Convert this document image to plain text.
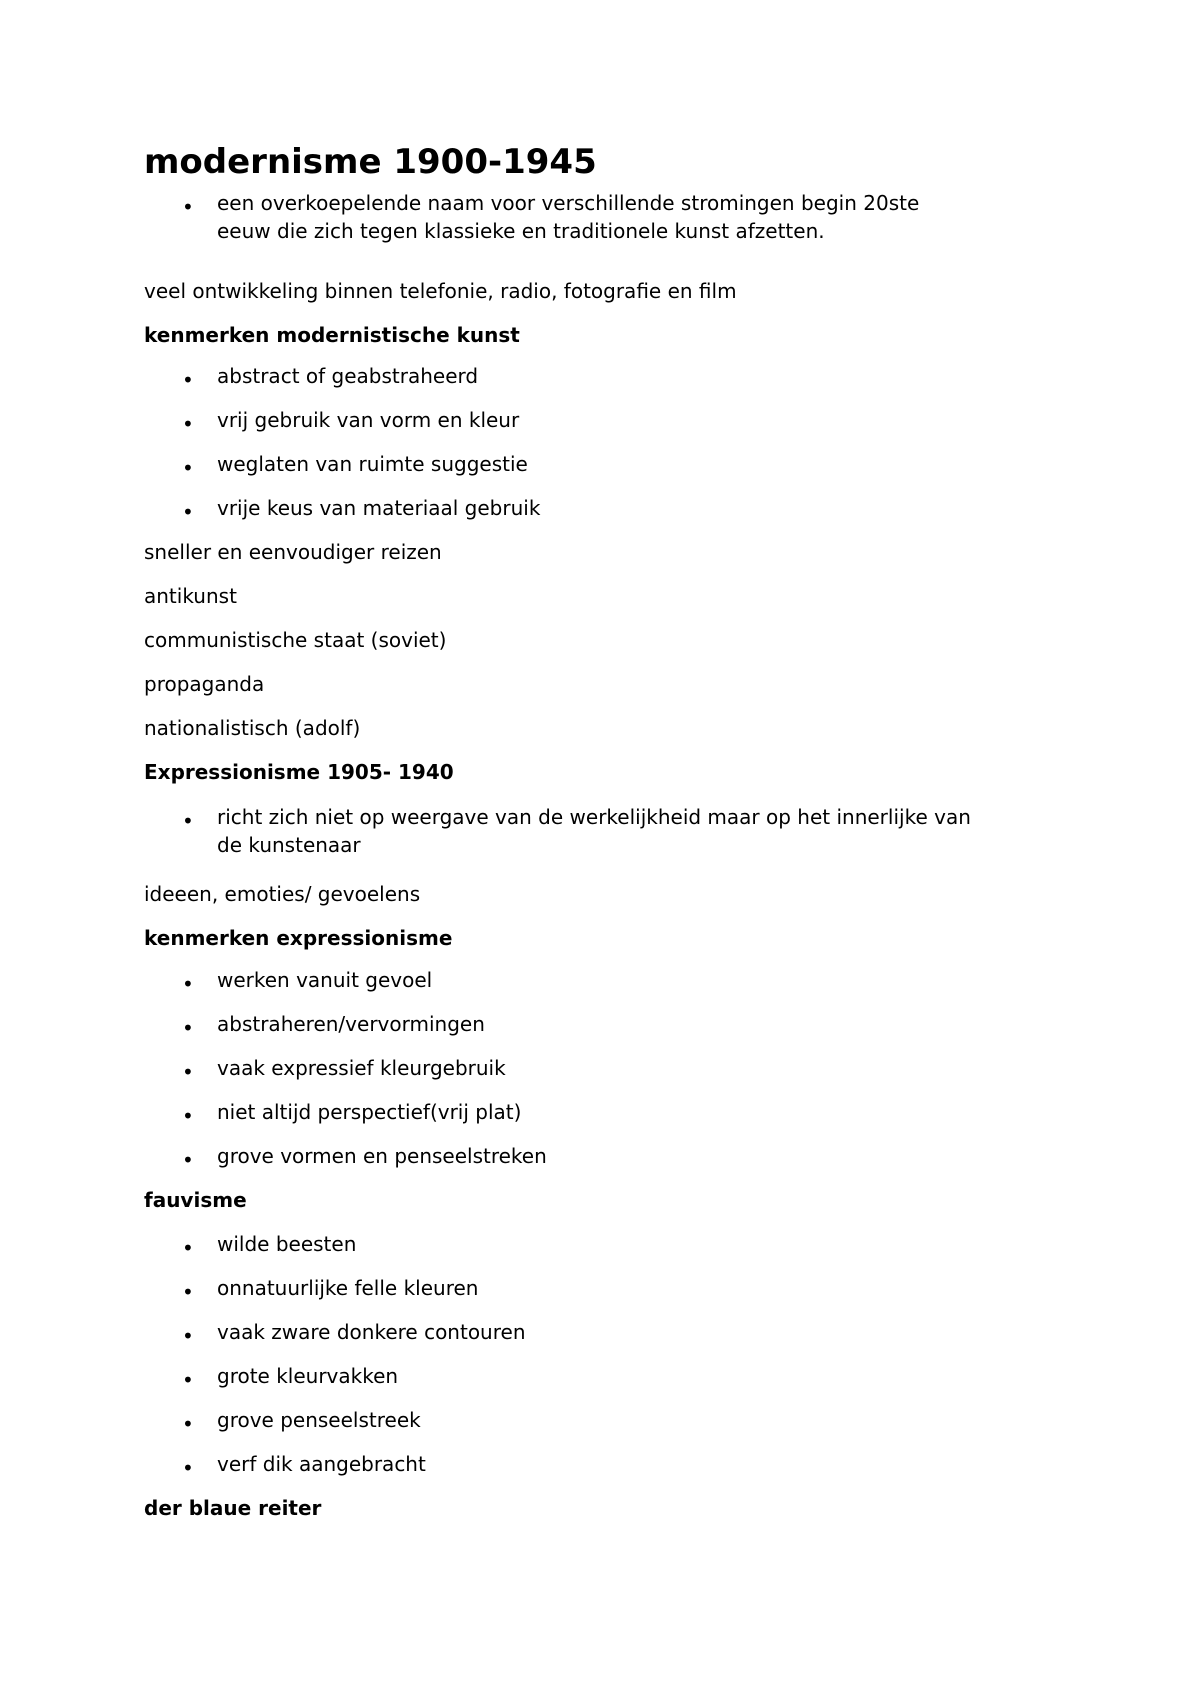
modernisme 1900-1945
• een overkoepelende naam voor verschillende stromingen begin 20ste
eeuw die zich tegen klassieke en traditionele kunst afzetten.

veel ontwikkeling binnen telefonie, radio, fotografie en film

kenmerken modernistische kunst

• abstract of geabstraheerd

• vrij gebruik van vorm en kleur

• weglaten van ruimte suggestie

• vrije keus van materiaal gebruik

sneller en eenvoudiger reizen

antikunst

communistische staat (soviet)

propaganda

nationalistisch (adolf)

Expressionisme 1905- 1940

• richt zich niet op weergave van de werkelijkheid maar op het innerlijke van
de kunstenaar

ideeen, emoties/ gevoelens

kenmerken expressionisme

• werken vanuit gevoel

• abstraheren/vervormingen

• vaak expressief kleurgebruik

• niet altijd perspectief(vrij plat)

• grove vormen en penseelstreken

fauvisme

• wilde beesten

• onnatuurlijke felle kleuren

• vaak zware donkere contouren

• grote kleurvakken

• grove penseelstreek

• verf dik aangebracht

der blaue reiter
